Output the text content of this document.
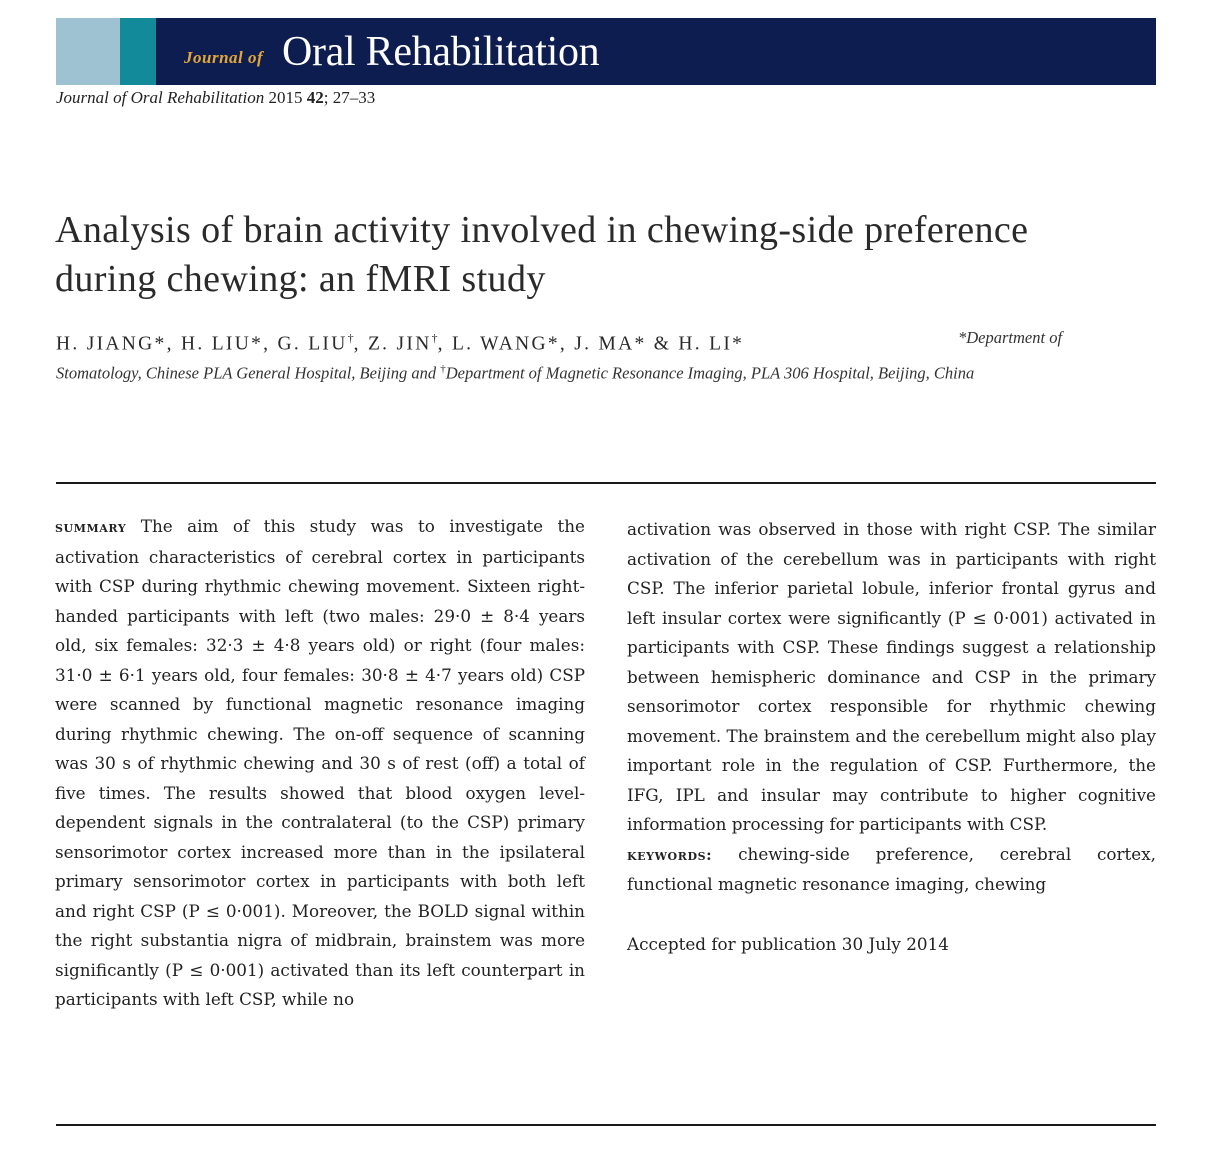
Journal of Oral Rehabilitation
Journal of Oral Rehabilitation 2015 42; 27–33
Analysis of brain activity involved in chewing-side preference during chewing: an fMRI study
H. JIANG*, H. LIU*, G. LIU†, Z. JIN†, L. WANG*, J. MA* & H. LI*	*Department of
Stomatology, Chinese PLA General Hospital, Beijing and †Department of Magnetic Resonance Imaging, PLA 306 Hospital, Beijing, China

summary The aim of this study was to investigate the activation characteristics of cerebral cortex in participants with CSP during rhythmic chewing movement. Sixteen right-handed participants with left (two males: 29·0 ± 8·4 years old, six females: 32·3 ± 4·8 years old) or right (four males: 31·0 ± 6·1 years old, four females: 30·8 ± 4·7 years old) CSP were scanned by functional magnetic resonance imaging during rhythmic chewing. The on-off sequence of scanning was 30 s of rhythmic chewing and 30 s of rest (off) a total of five times. The results showed that blood oxygen level-dependent signals in the contralateral (to the CSP) primary sensorimotor cortex increased more than in the ipsilateral primary sensorimotor cortex in participants with both left and right CSP (P ≤ 0·001). Moreover, the BOLD signal within the right substantia nigra of midbrain, brainstem was more significantly (P ≤ 0·001) activated than its left counterpart in participants with left CSP, while no

activation was observed in those with right CSP. The similar activation of the cerebellum was in participants with right CSP. The inferior parietal lobule, inferior frontal gyrus and left insular cortex were significantly (P ≤ 0·001) activated in participants with CSP. These findings suggest a relationship between hemispheric dominance and CSP in the primary sensorimotor cortex responsible for rhythmic chewing movement. The brainstem and the cerebellum might also play important role in the regulation of CSP. Furthermore, the IFG, IPL and insular may contribute to higher cognitive information processing for participants with CSP.

keywords: chewing-side preference, cerebral cortex, functional magnetic resonance imaging, chewing

Accepted for publication 30 July 2014
